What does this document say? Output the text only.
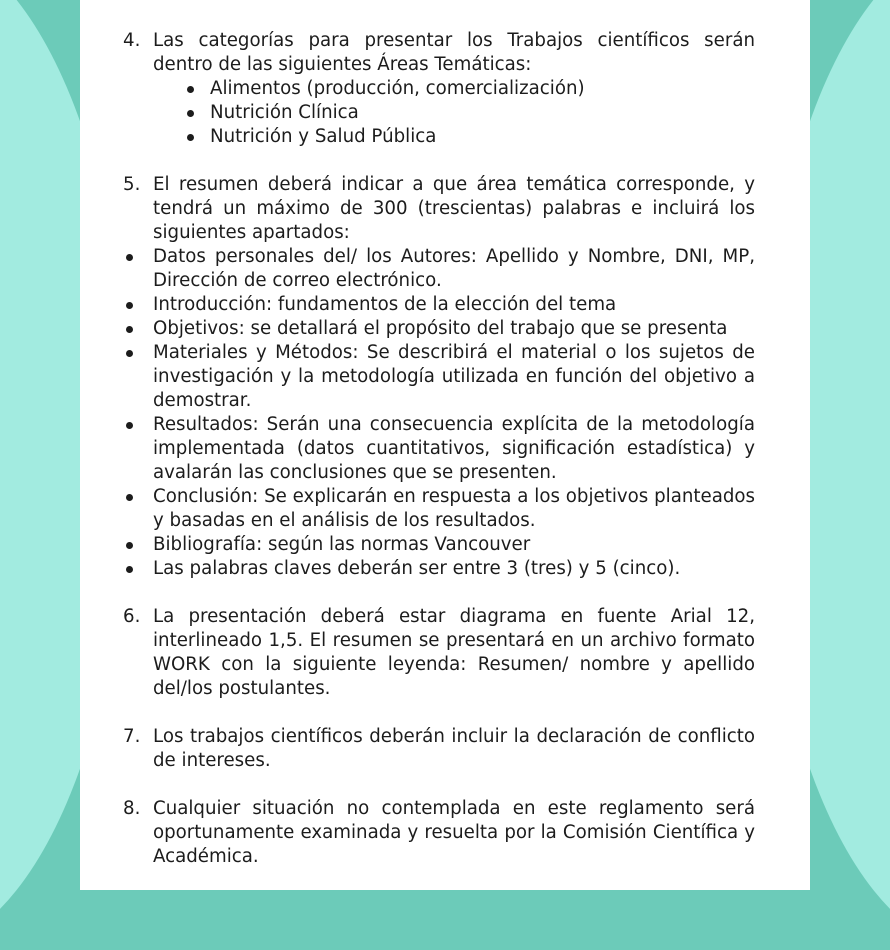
4. Las categorías para presentar los Trabajos científicos serán
dentro de las siguientes Áreas Temáticas:
Alimentos (producción, comercialización)
Nutrición Clínica
Nutrición y Salud Pública
5. El resumen deberá indicar a que área temática corresponde, y tendrá un máximo de 300 (trescientas) palabras e incluirá los siguientes apartados:
Datos personales del/ los Autores: Apellido y Nombre, DNI, MP, Dirección de correo electrónico.
Introducción: fundamentos de la elección del tema
Objetivos: se detallará el propósito del trabajo que se presenta
Materiales y Métodos: Se describirá el material o los sujetos de investigación y la metodología utilizada en función del objetivo a demostrar.
Resultados: Serán una consecuencia explícita de la metodología implementada (datos cuantitativos, significación estadística) y avalarán las conclusiones que se presenten.
Conclusión: Se explicarán en respuesta a los objetivos planteados y basadas en el análisis de los resultados.
Bibliografía: según las normas Vancouver
Las palabras claves deberán ser entre 3 (tres) y 5 (cinco).
6. La presentación deberá estar diagrama en fuente Arial 12, interlineado 1,5. El resumen se presentará en un archivo formato WORK con la siguiente leyenda: Resumen/ nombre y apellido del/los postulantes.
7. Los trabajos científicos deberán incluir la declaración de conflicto de intereses.
8. Cualquier situación no contemplada en este reglamento será oportunamente examinada y resuelta por la Comisión Científica y Académica.
